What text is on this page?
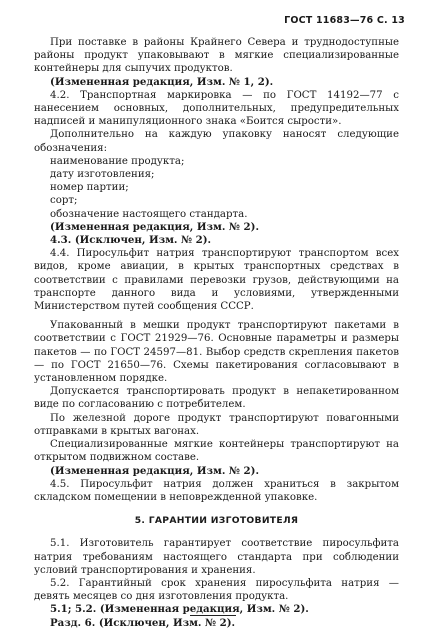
ГОСТ 11683—76 С. 13

При поставке в районы Крайнего Севера и труднодоступные районы продукт упаковывают в мягкие специализированные контейнеры для сыпучих продуктов.

(Измененная редакция, Изм. № 1, 2).

4.2. Транспортная маркировка — по ГОСТ 14192—77 с нанесением основных, дополнительных, предупредительных надписей и манипуляционного знака «Боится сырости».

Дополнительно на каждую упаковку наносят следующие обозначения:

наименование продукта;

дату изготовления;

номер партии;

сорт;

обозначение настоящего стандарта.

(Измененная редакция, Изм. № 2).

4.3. (Исключен, Изм. № 2).

4.4. Пиросульфит натрия транспортируют транспортом всех видов, кроме авиации, в крытых транспортных средствах в соответствии с правилами перевозки грузов, действующими на транспорте данного вида и условиями, утвержденными Министерством путей сообщения СССР.

Упакованный в мешки продукт транспортируют пакетами в соответствии с ГОСТ 21929—76. Основные параметры и размеры пакетов — по ГОСТ 24597—81. Выбор средств скрепления пакетов — по ГОСТ 21650—76. Схемы пакетирования согласовывают в установленном порядке.

Допускается транспортировать продукт в непакетированном виде по согласованию с потребителем.

По железной дороге продукт транспортируют повагонными отправками в крытых вагонах.

Специализированные мягкие контейнеры транспортируют на открытом подвижном составе.

(Измененная редакция, Изм. № 2).

4.5. Пиросульфит натрия должен храниться в закрытом складском помещении в неповрежденной упаковке.

5. ГАРАНТИИ ИЗГОТОВИТЕЛЯ

5.1. Изготовитель гарантирует соответствие пиросульфита натрия требованиям настоящего стандарта при соблюдении условий транспортирования и хранения.

5.2. Гарантийный срок хранения пиросульфита натрия — девять месяцев со дня изготовления продукта.

5.1; 5.2. (Измененная редакция, Изм. № 2).

Разд. 6. (Исключен, Изм. № 2).
